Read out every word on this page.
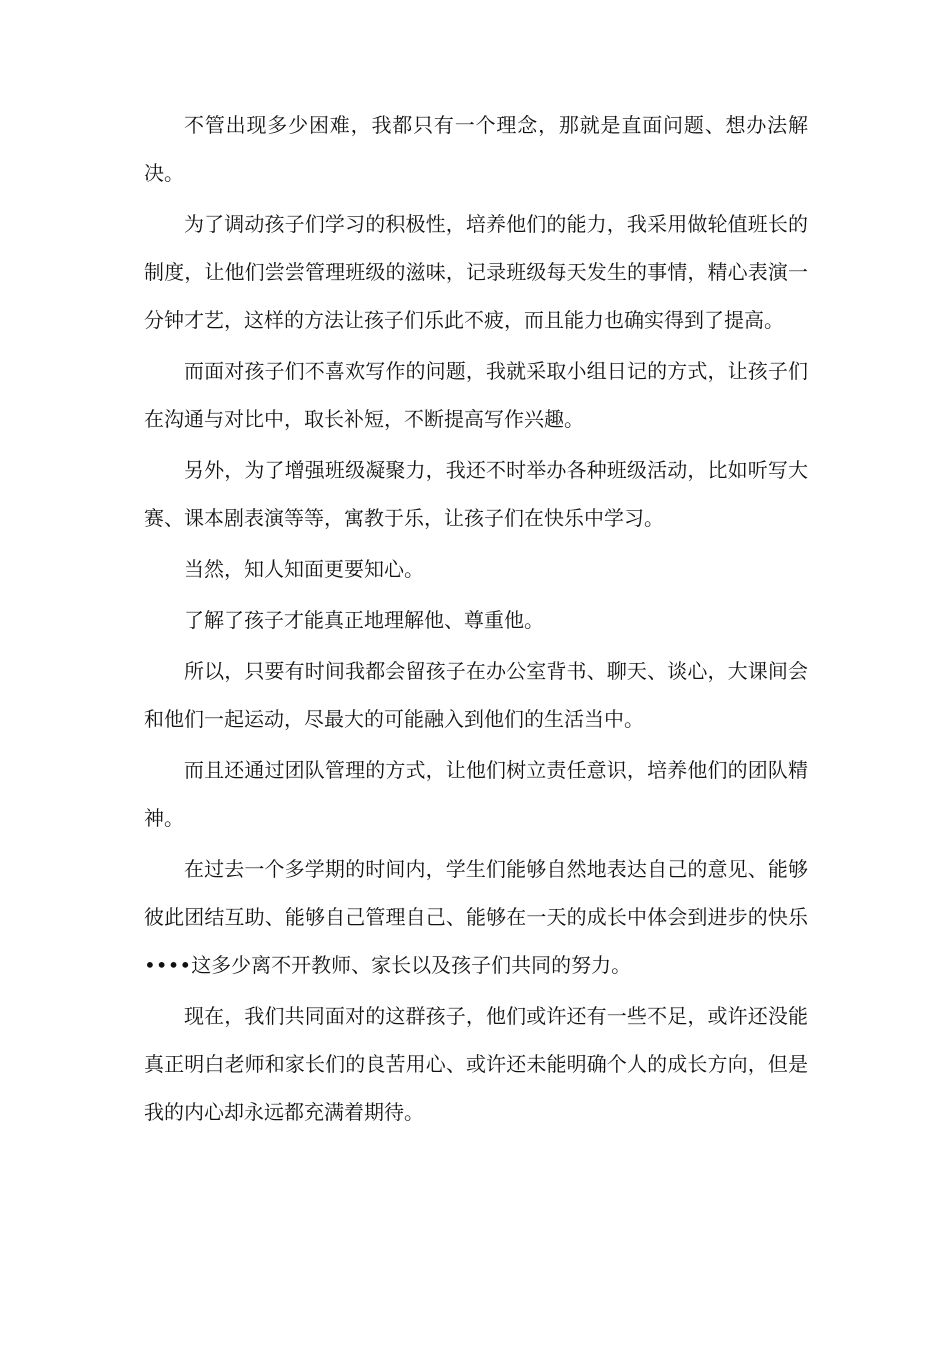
不管出现多少困难，我都只有一个理念，那就是直面问题、想办法解决。

为了调动孩子们学习的积极性，培养他们的能力，我采用做轮值班长的制度，让他们尝尝管理班级的滋味，记录班级每天发生的事情，精心表演一分钟才艺，这样的方法让孩子们乐此不疲，而且能力也确实得到了提高。

而面对孩子们不喜欢写作的问题，我就采取小组日记的方式，让孩子们在沟通与对比中，取长补短，不断提高写作兴趣。

另外，为了增强班级凝聚力，我还不时举办各种班级活动，比如听写大赛、课本剧表演等等，寓教于乐，让孩子们在快乐中学习。

当然，知人知面更要知心。

了解了孩子才能真正地理解他、尊重他。

所以，只要有时间我都会留孩子在办公室背书、聊天、谈心，大课间会和他们一起运动，尽最大的可能融入到他们的生活当中。

而且还通过团队管理的方式，让他们树立责任意识，培养他们的团队精神。

在过去一个多学期的时间内，学生们能够自然地表达自己的意见、能够彼此团结互助、能够自己管理自己、能够在一天的成长中体会到进步的快乐••••这多少离不开教师、家长以及孩子们共同的努力。

现在，我们共同面对的这群孩子，他们或许还有一些不足，或许还没能真正明白老师和家长们的良苦用心、或许还未能明确个人的成长方向，但是我的内心却永远都充满着期待。
